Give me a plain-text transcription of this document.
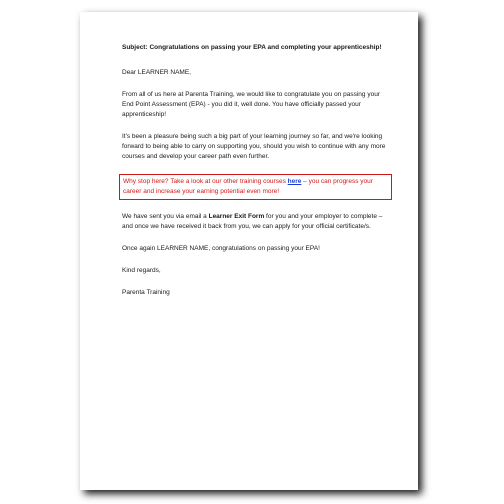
Subject: Congratulations on passing your EPA and completing your apprenticeship!

Dear LEARNER NAME,

From all of us here at Parenta Training, we would like to congratulate you on passing your End Point Assessment (EPA) - you did it, well done. You have officially passed your apprenticeship!

It's been a pleasure being such a big part of your learning journey so far, and we're looking forward to being able to carry on supporting you, should you wish to continue with any more courses and develop your career path even further.

Why stop here? Take a look at our other training courses here – you can progress your career and increase your earning potential even more!

We have sent you via email a Learner Exit Form for you and your employer to complete – and once we have received it back from you, we can apply for your official certificate/s.

Once again LEARNER NAME, congratulations on passing your EPA!

Kind regards,

Parenta Training
